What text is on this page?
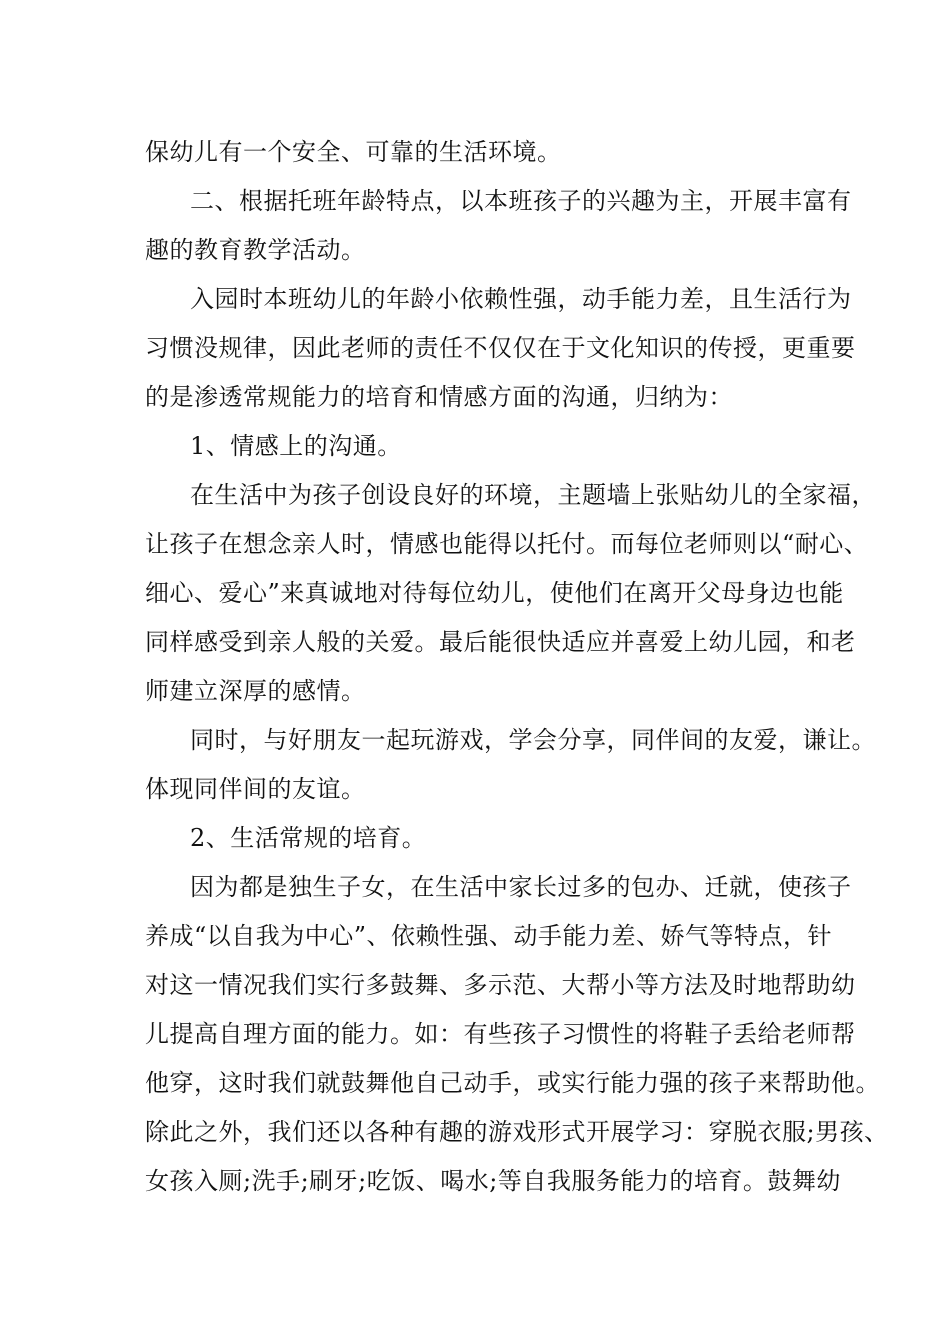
保幼儿有一个安全、可靠的生活环境。
二、根据托班年龄特点，以本班孩子的兴趣为主，开展丰富有
趣的教育教学活动。
入园时本班幼儿的年龄小依赖性强，动手能力差，且生活行为
习惯没规律，因此老师的责任不仅仅在于文化知识的传授，更重要
的是渗透常规能力的培育和情感方面的沟通，归纳为：
1、情感上的沟通。
在生活中为孩子创设良好的环境，主题墙上张贴幼儿的全家福，
让孩子在想念亲人时，情感也能得以托付。而每位老师则以“耐心、
细心、爱心”来真诚地对待每位幼儿，使他们在离开父母身边也能
同样感受到亲人般的关爱。最后能很快适应并喜爱上幼儿园，和老
师建立深厚的感情。
同时，与好朋友一起玩游戏，学会分享，同伴间的友爱，谦让。
体现同伴间的友谊。
2、生活常规的培育。
因为都是独生子女，在生活中家长过多的包办、迁就，使孩子
养成“以自我为中心”、依赖性强、动手能力差、娇气等特点，针
对这一情况我们实行多鼓舞、多示范、大帮小等方法及时地帮助幼
儿提高自理方面的能力。如：有些孩子习惯性的将鞋子丢给老师帮
他穿，这时我们就鼓舞他自己动手，或实行能力强的孩子来帮助他。
除此之外，我们还以各种有趣的游戏形式开展学习：穿脱衣服;男孩、
女孩入厕;洗手;刷牙;吃饭、喝水;等自我服务能力的培育。鼓舞幼
